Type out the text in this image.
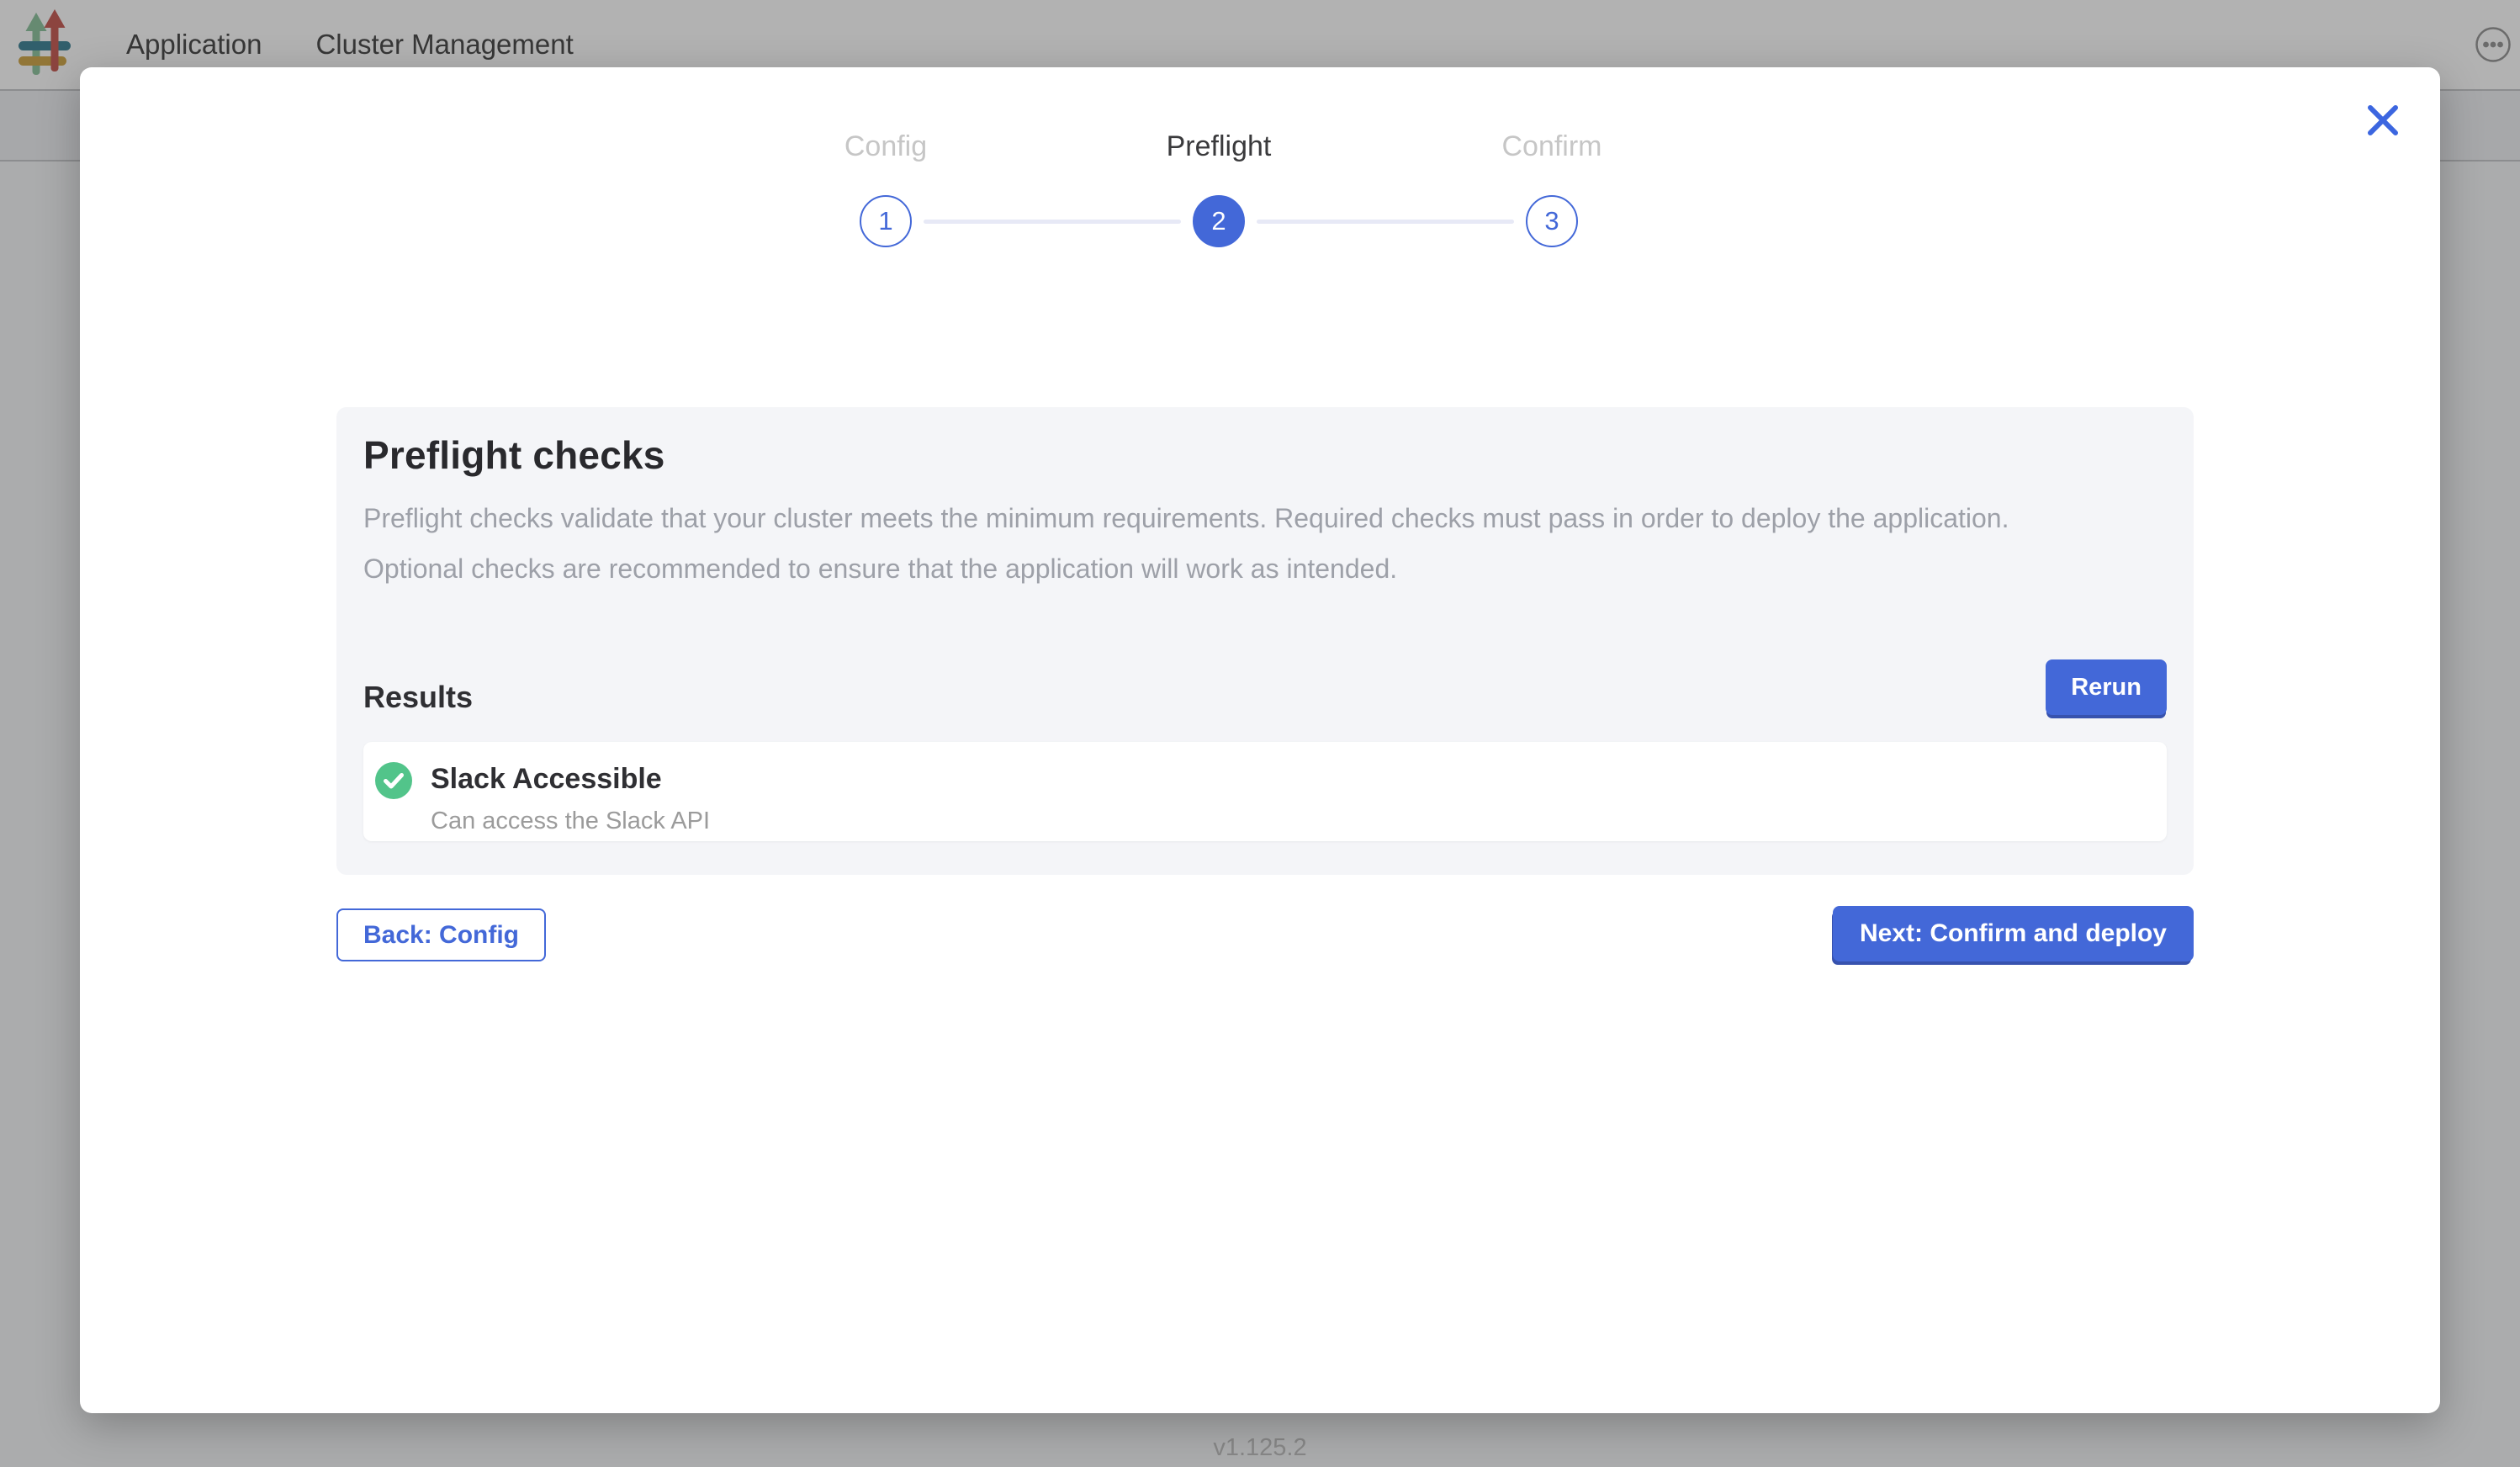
Application Cluster Management
v1.125.2
Config
1
Preflight
2
Confirm
3
Preflight checks

Preflight checks validate that your cluster meets the minimum requirements. Required checks must pass in order to deploy the application. Optional checks are recommended to ensure that the application will work as intended.

Results	Rerun
Slack Accessible
Can access the Slack API
Back: Config	Next: Confirm and deploy
